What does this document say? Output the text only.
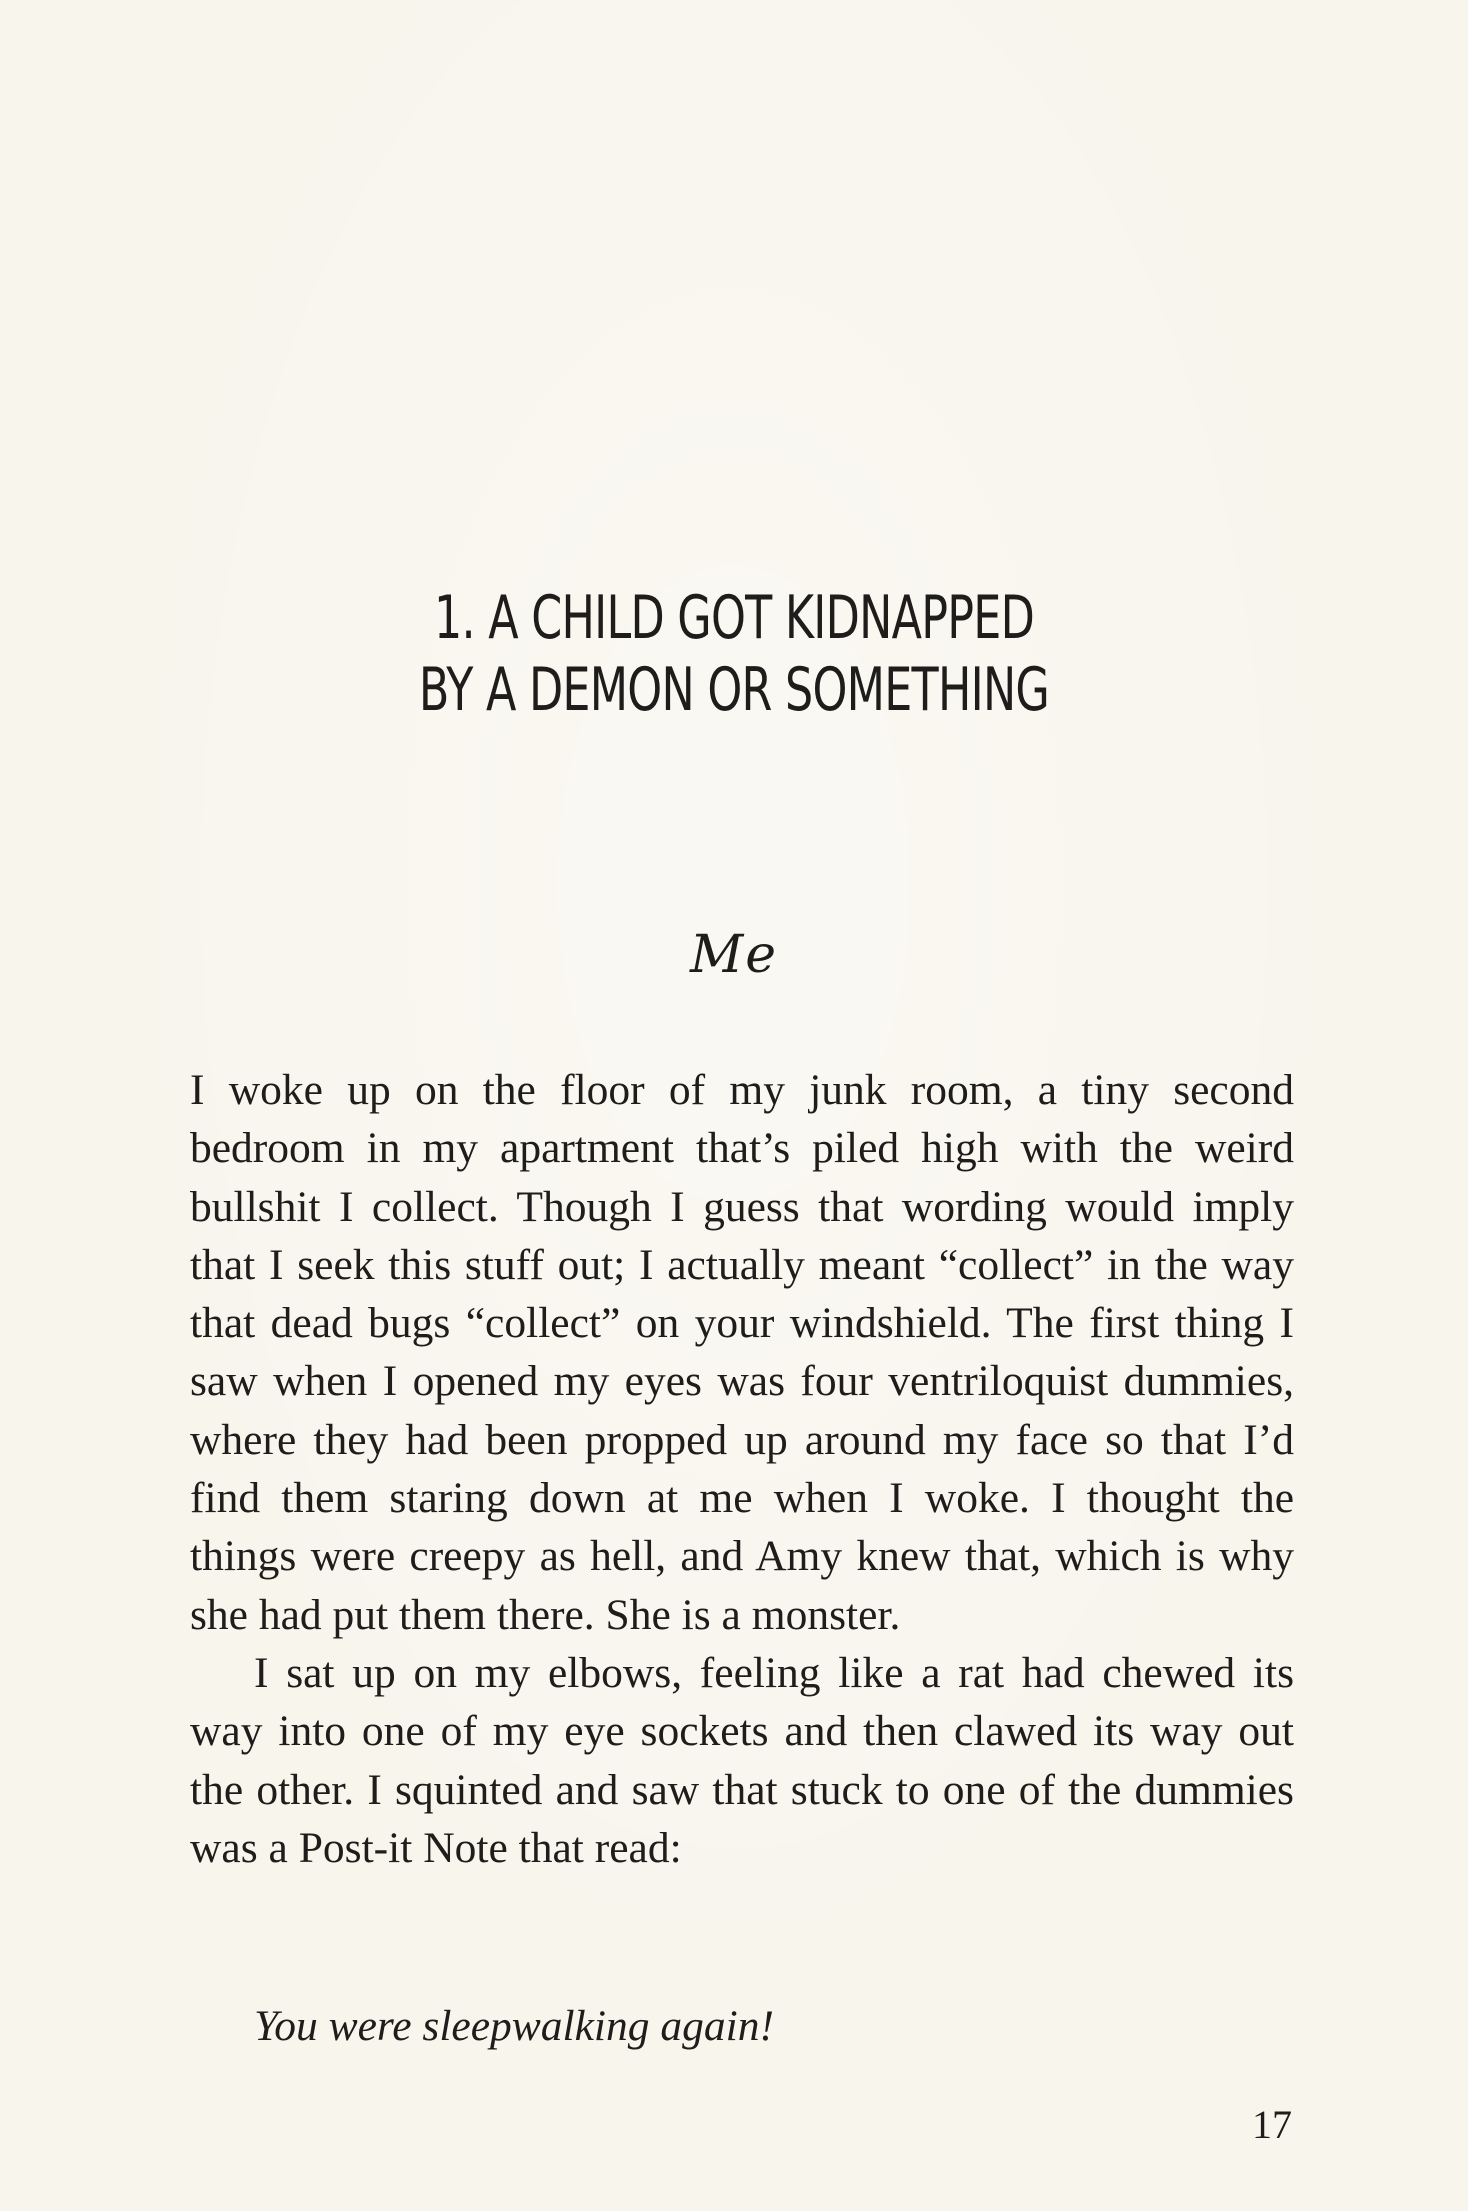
1. A CHILD GOT KIDNAPPED
BY A DEMON OR SOMETHING
Me

I woke up on the floor of my junk room, a tiny second bedroom in my apartment that’s piled high with the weird bullshit I collect. Though I guess that wording would imply that I seek this stuff out; I actually meant “collect” in the way that dead bugs “collect” on your windshield. The first thing I saw when I opened my eyes was four ventriloquist dummies, where they had been propped up around my face so that I’d find them staring down at me when I woke. I thought the things were creepy as hell, and Amy knew that, which is why she had put them there. She is a monster.

I sat up on my elbows, feeling like a rat had chewed its way into one of my eye sockets and then clawed its way out the other. I squinted and saw that stuck to one of the dummies was a Post-it Note that read:

You were sleepwalking again!
17
